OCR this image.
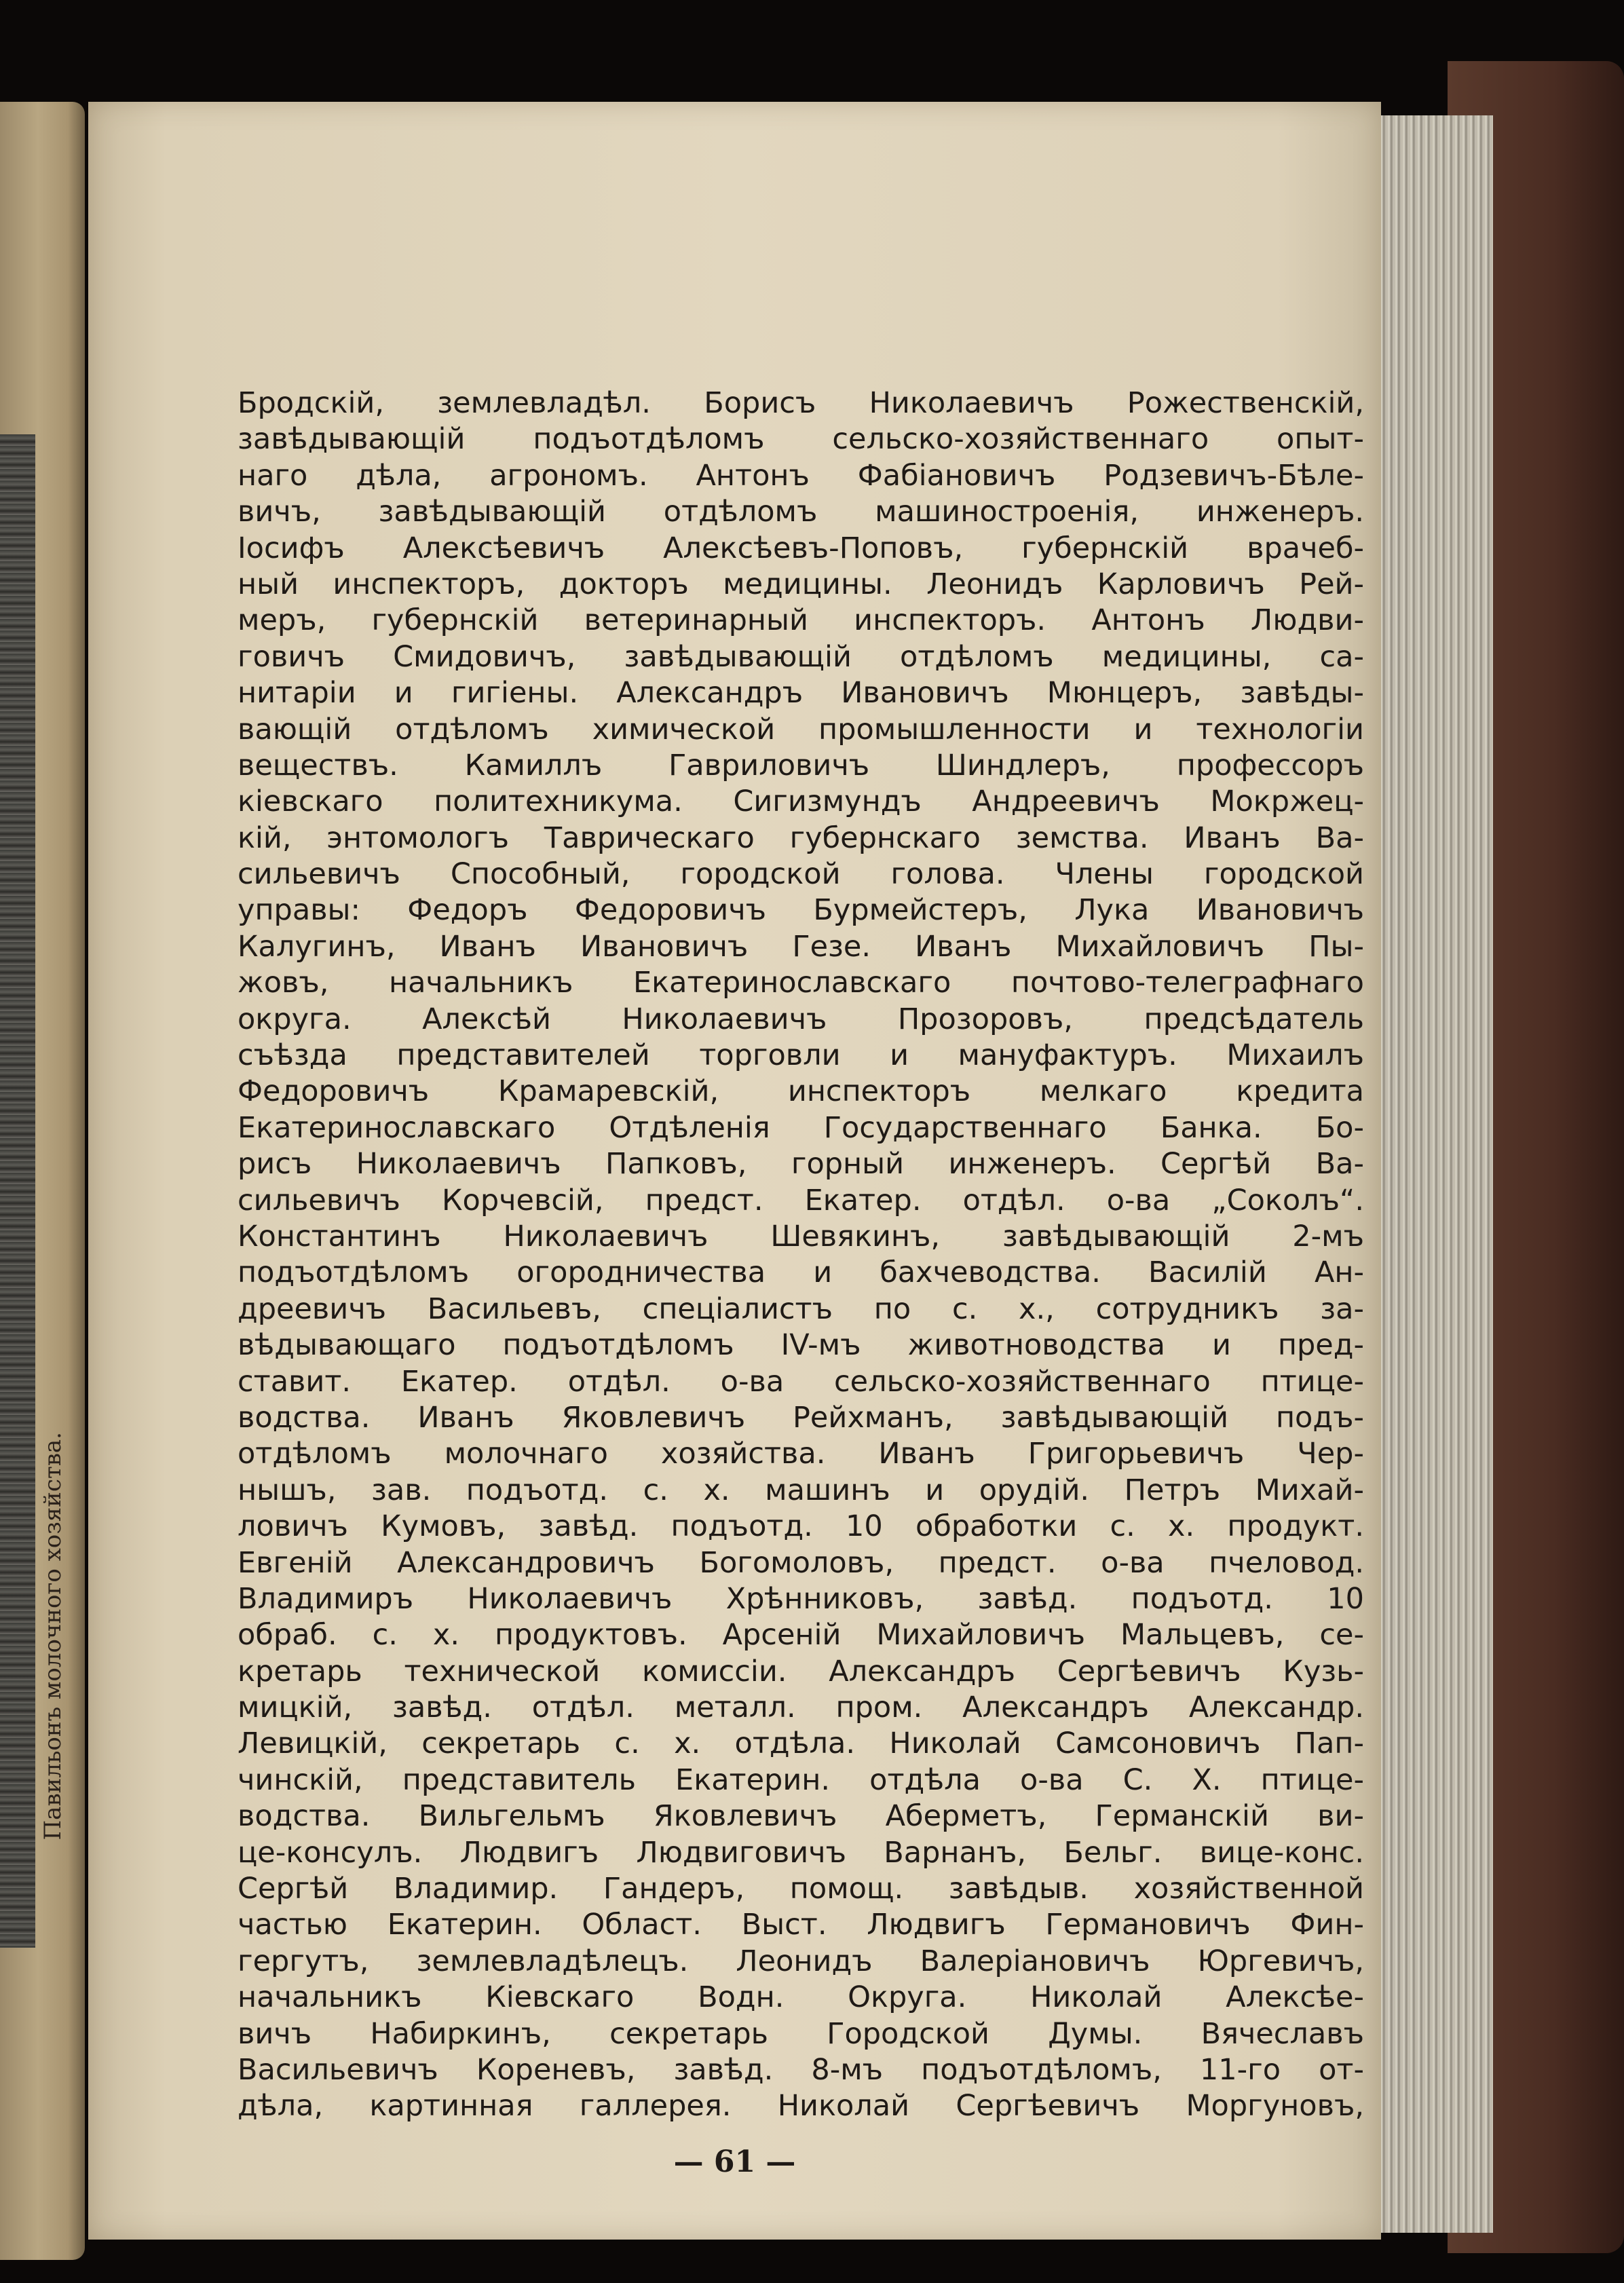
Павильонъ молочного хозяйства.
Бродскій, землевладѣл. Борисъ Николаевичъ Рожественскій,
завѣдывающій подъотдѣломъ сельско-хозяйственнаго опыт-
наго дѣла, агрономъ. Антонъ Фабіановичъ Родзевичъ-Бѣле-
вичъ, завѣдывающій отдѣломъ машиностроенія, инженеръ.
Іосифъ Алексѣевичъ Алексѣевъ-Поповъ, губернскій врачеб-
ный инспекторъ, докторъ медицины. Леонидъ Карловичъ Рей-
меръ, губернскій ветеринарный инспекторъ. Антонъ Людви-
говичъ Смидовичъ, завѣдывающій отдѣломъ медицины, са-
нитаріи и гигіены. Александръ Ивановичъ Мюнцеръ, завѣды-
вающій отдѣломъ химической промышленности и технологіи
веществъ. Камиллъ Гавриловичъ Шиндлеръ, профессоръ
кіевскаго политехникума. Сигизмундъ Андреевичъ Мокржец-
кій, энтомологъ Таврическаго губернскаго земства. Иванъ Ва-
сильевичъ Способный, городской голова. Члены городской
управы: Федоръ Федоровичъ Бурмейстеръ, Лука Ивановичъ
Калугинъ, Иванъ Ивановичъ Гезе. Иванъ Михайловичъ Пы-
жовъ, начальникъ Екатеринославскаго почтово-телеграфнаго
округа. Алексѣй Николаевичъ Прозоровъ, предсѣдатель
съѣзда представителей торговли и мануфактуръ. Михаилъ
Федоровичъ Крамаревскій, инспекторъ мелкаго кредита
Екатеринославскаго Отдѣленія Государственнаго Банка. Бо-
рисъ Николаевичъ Папковъ, горный инженеръ. Сергѣй Ва-
сильевичъ Корчевсій, предст. Екатер. отдѣл. о-ва „Соколъ“.
Константинъ Николаевичъ Шевякинъ, завѣдывающій 2-мъ
подъотдѣломъ огородничества и бахчеводства. Василій Ан-
дреевичъ Васильевъ, спеціалистъ по с. х., сотрудникъ за-
вѣдывающаго подъотдѣломъ IV-мъ животноводства и пред-
ставит. Екатер. отдѣл. о-ва сельско-хозяйственнаго птице-
водства. Иванъ Яковлевичъ Рейхманъ, завѣдывающій подъ-
отдѣломъ молочнаго хозяйства. Иванъ Григорьевичъ Чер-
нышъ, зав. подъотд. с. х. машинъ и орудій. Петръ Михай-
ловичъ Кумовъ, завѣд. подъотд. 10 обработки с. х. продукт.
Евгеній Александровичъ Богомоловъ, предст. о-ва пчеловод.
Владимиръ Николаевичъ Хрѣнниковъ, завѣд. подъотд. 10
обраб. с. х. продуктовъ. Арсеній Михайловичъ Мальцевъ, се-
кретарь технической комиссіи. Александръ Сергѣевичъ Кузь-
мицкій, завѣд. отдѣл. металл. пром. Александръ Александр.
Левицкій, секретарь с. х. отдѣла. Николай Самсоновичъ Пап-
чинскій, представитель Екатерин. отдѣла о-ва С. Х. птице-
водства. Вильгельмъ Яковлевичъ Аберметъ, Германскій ви-
це-консулъ. Людвигъ Людвиговичъ Варнанъ, Бельг. вице-конс.
Сергѣй Владимир. Гандеръ, помощ. завѣдыв. хозяйственной
частью Екатерин. Област. Выст. Людвигъ Германовичъ Фин-
гергутъ, землевладѣлецъ. Леонидъ Валеріановичъ Юргевичъ,
начальникъ Кіевскаго Водн. Округа. Николай Алексѣе-
вичъ Набиркинъ, секретарь Городской Думы. Вячеславъ
Васильевичъ Кореневъ, завѣд. 8-мъ подъотдѣломъ, 11-го от-
дѣла, картинная галлерея. Николай Сергѣевичъ Моргуновъ,
— 61 —
